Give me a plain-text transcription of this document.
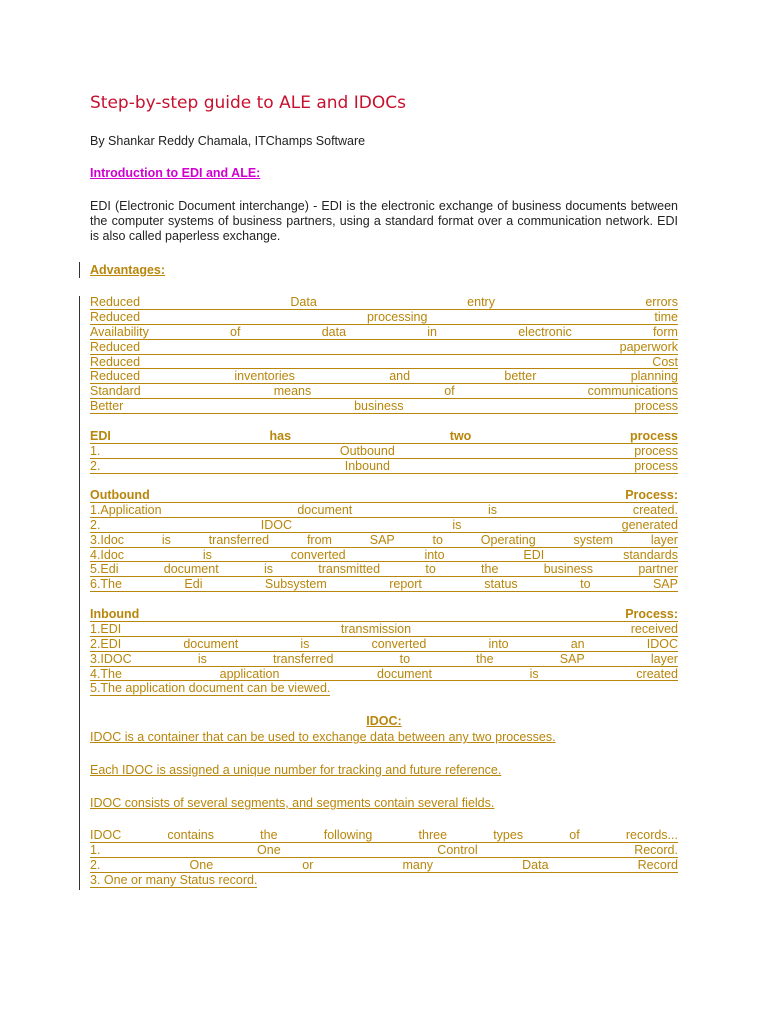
Step-by-step guide to ALE and IDOCs
By Shankar Reddy Chamala, ITChamps Software
Introduction to EDI and ALE:
EDI (Electronic Document interchange) - EDI is the electronic exchange of business documents between the computer systems of business partners, using a standard format over a communication network. EDI is also called paperless exchange.
Advantages:
Reduced	Data	entry	errors
Reduced	processing	time
Availability	of	data	in	electronic	form
Reduced	paperwork
Reduced	Cost
Reduced	inventories	and	better	planning
Standard	means	of	communications
Better	business	process
EDI	has	two	process
1.	Outbound	process
2.	Inbound	process
Outbound	Process:
1.Application	document	is	created.
2.	IDOC	is	generated
3.Idoc	is	transferred	from	SAP	to	Operating	system	layer
4.Idoc	is	converted	into	EDI	standards
5.Edi	document	is	transmitted	to	the	business	partner
6.The	Edi	Subsystem	report	status	to	SAP
Inbound	Process:
1.EDI	transmission	received
2.EDI	document	is	converted	into	an	IDOC
3.IDOC	is	transferred	to	the	SAP	layer
4.The	application	document	is	created
5.The application document can be viewed.
IDOC:
IDOC is a container that can be used to exchange data between any two processes.
Each IDOC is assigned a unique number for tracking and future reference.
IDOC consists of several segments, and segments contain several fields.
IDOC	contains	the	following	three	types	of	records...
1.	One	Control	Record.
2.	One	or	many	Data	Record
3. One or many Status record.
